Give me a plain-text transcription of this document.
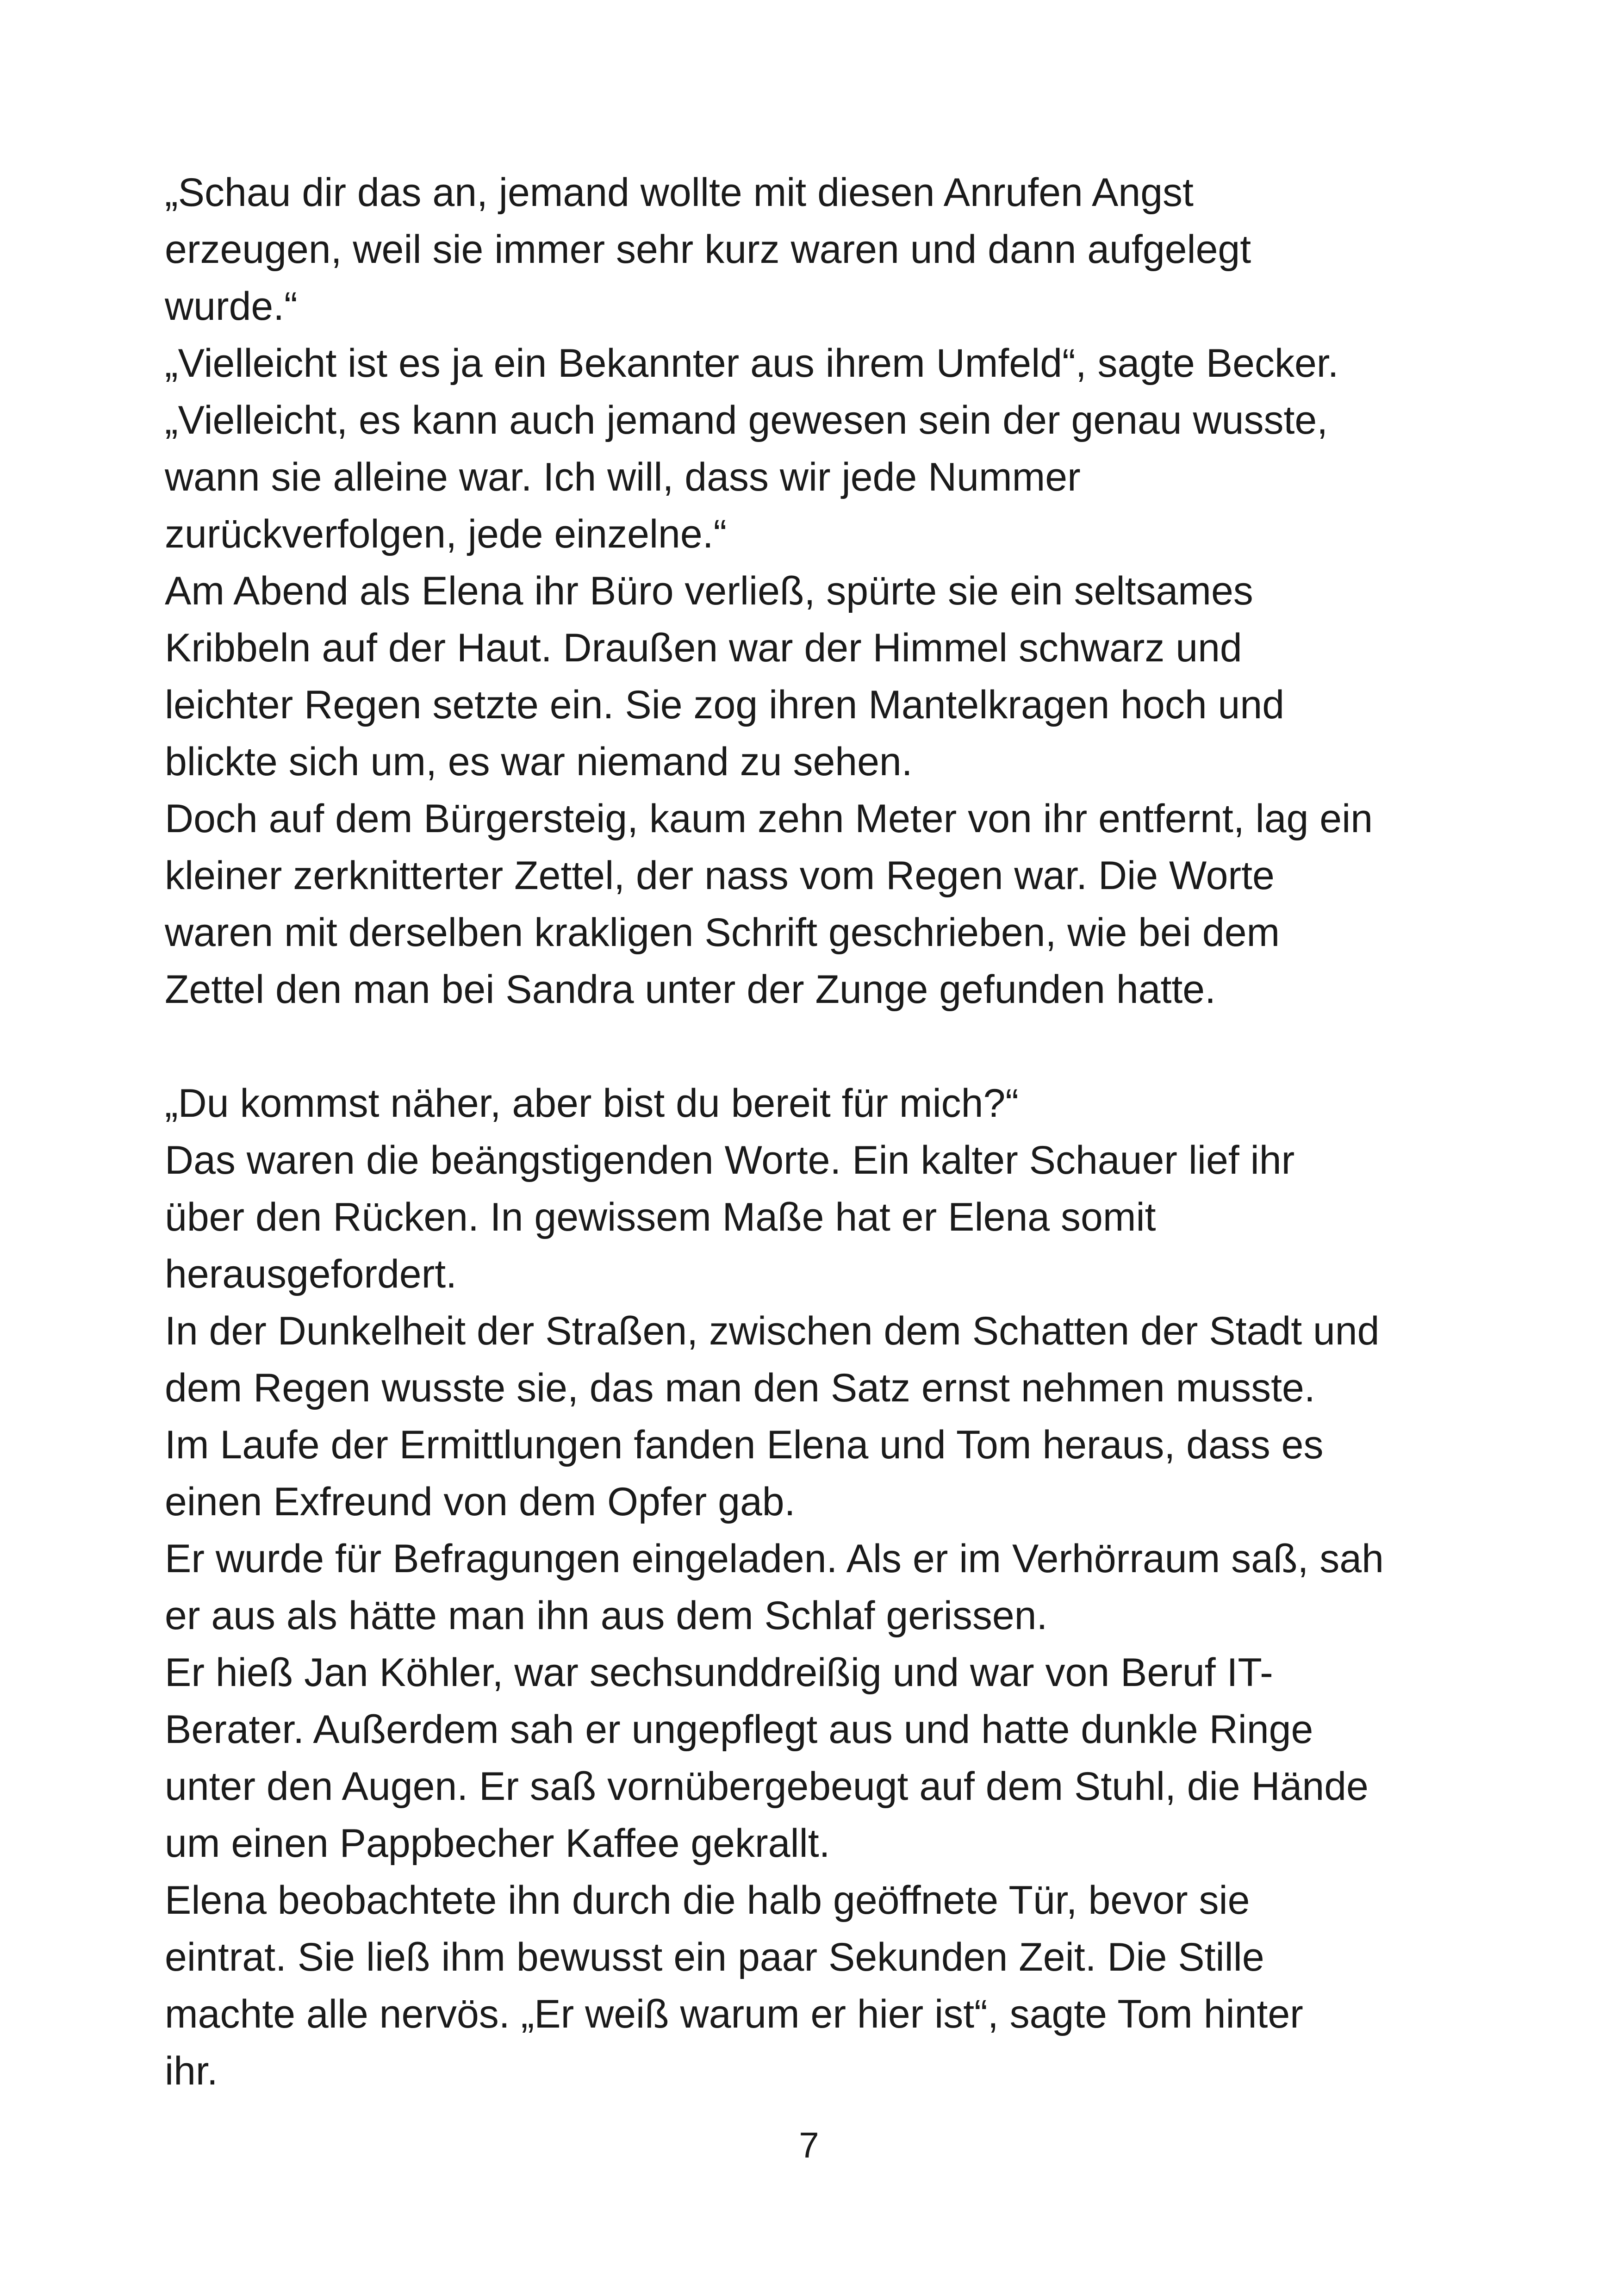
„Schau dir das an, jemand wollte mit diesen Anrufen Angst
erzeugen, weil sie immer sehr kurz waren und dann aufgelegt
wurde.“
„Vielleicht ist es ja ein Bekannter aus ihrem Umfeld“, sagte Becker.
„Vielleicht, es kann auch jemand gewesen sein der genau wusste,
wann sie alleine war. Ich will, dass wir jede Nummer
zurückverfolgen, jede einzelne.“
Am Abend als Elena ihr Büro verließ, spürte sie ein seltsames
Kribbeln auf der Haut. Draußen war der Himmel schwarz und
leichter Regen setzte ein. Sie zog ihren Mantelkragen hoch und
blickte sich um, es war niemand zu sehen.
Doch auf dem Bürgersteig, kaum zehn Meter von ihr entfernt, lag ein
kleiner zerknitterter Zettel, der nass vom Regen war. Die Worte
waren mit derselben krakligen Schrift geschrieben, wie bei dem
Zettel den man bei Sandra unter der Zunge gefunden hatte.
„Du kommst näher, aber bist du bereit für mich?“
Das waren die beängstigenden Worte. Ein kalter Schauer lief ihr
über den Rücken. In gewissem Maße hat er Elena somit
herausgefordert.
In der Dunkelheit der Straßen, zwischen dem Schatten der Stadt und
dem Regen wusste sie, das man den Satz ernst nehmen musste.
Im Laufe der Ermittlungen fanden Elena und Tom heraus, dass es
einen Exfreund von dem Opfer gab.
Er wurde für Befragungen eingeladen. Als er im Verhörraum saß, sah
er aus als hätte man ihn aus dem Schlaf gerissen.
Er hieß Jan Köhler, war sechsunddreißig und war von Beruf IT-
Berater. Außerdem sah er ungepflegt aus und hatte dunkle Ringe
unter den Augen. Er saß vornübergebeugt auf dem Stuhl, die Hände
um einen Pappbecher Kaffee gekrallt.
Elena beobachtete ihn durch die halb geöffnete Tür, bevor sie
eintrat. Sie ließ ihm bewusst ein paar Sekunden Zeit. Die Stille
machte alle nervös. „Er weiß warum er hier ist“, sagte Tom hinter
ihr.
7
